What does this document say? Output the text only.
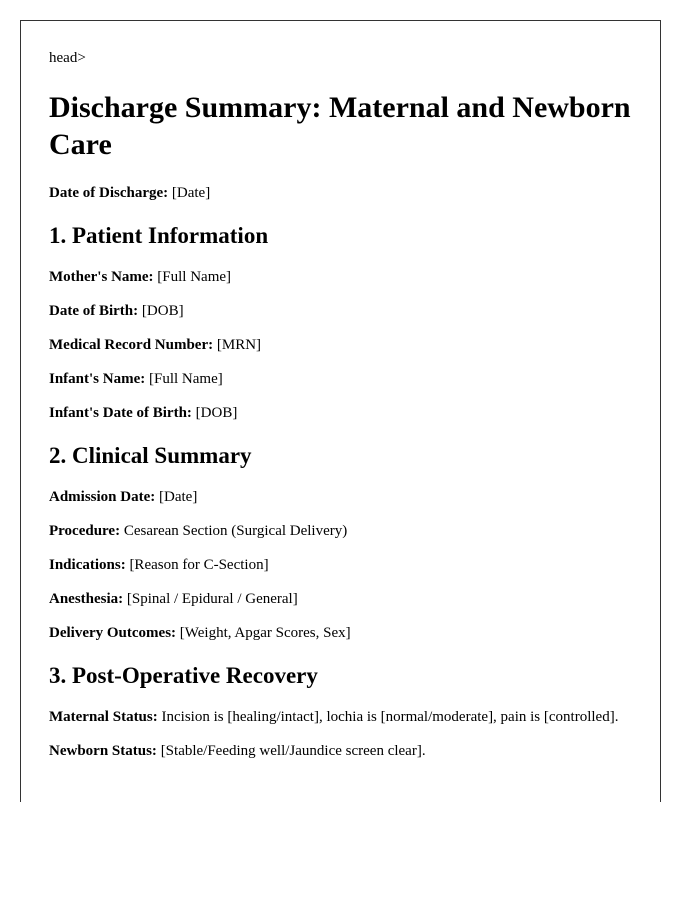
head>

Discharge Summary: Maternal and Newborn Care

Date of Discharge: [Date]

1. Patient Information

Mother's Name: [Full Name]

Date of Birth: [DOB]

Medical Record Number: [MRN]

Infant's Name: [Full Name]

Infant's Date of Birth: [DOB]

2. Clinical Summary

Admission Date: [Date]

Procedure: Cesarean Section (Surgical Delivery)

Indications: [Reason for C-Section]

Anesthesia: [Spinal / Epidural / General]

Delivery Outcomes: [Weight, Apgar Scores, Sex]

3. Post-Operative Recovery

Maternal Status: Incision is [healing/intact], lochia is [normal/moderate], pain is [controlled].

Newborn Status: [Stable/Feeding well/Jaundice screen clear].
